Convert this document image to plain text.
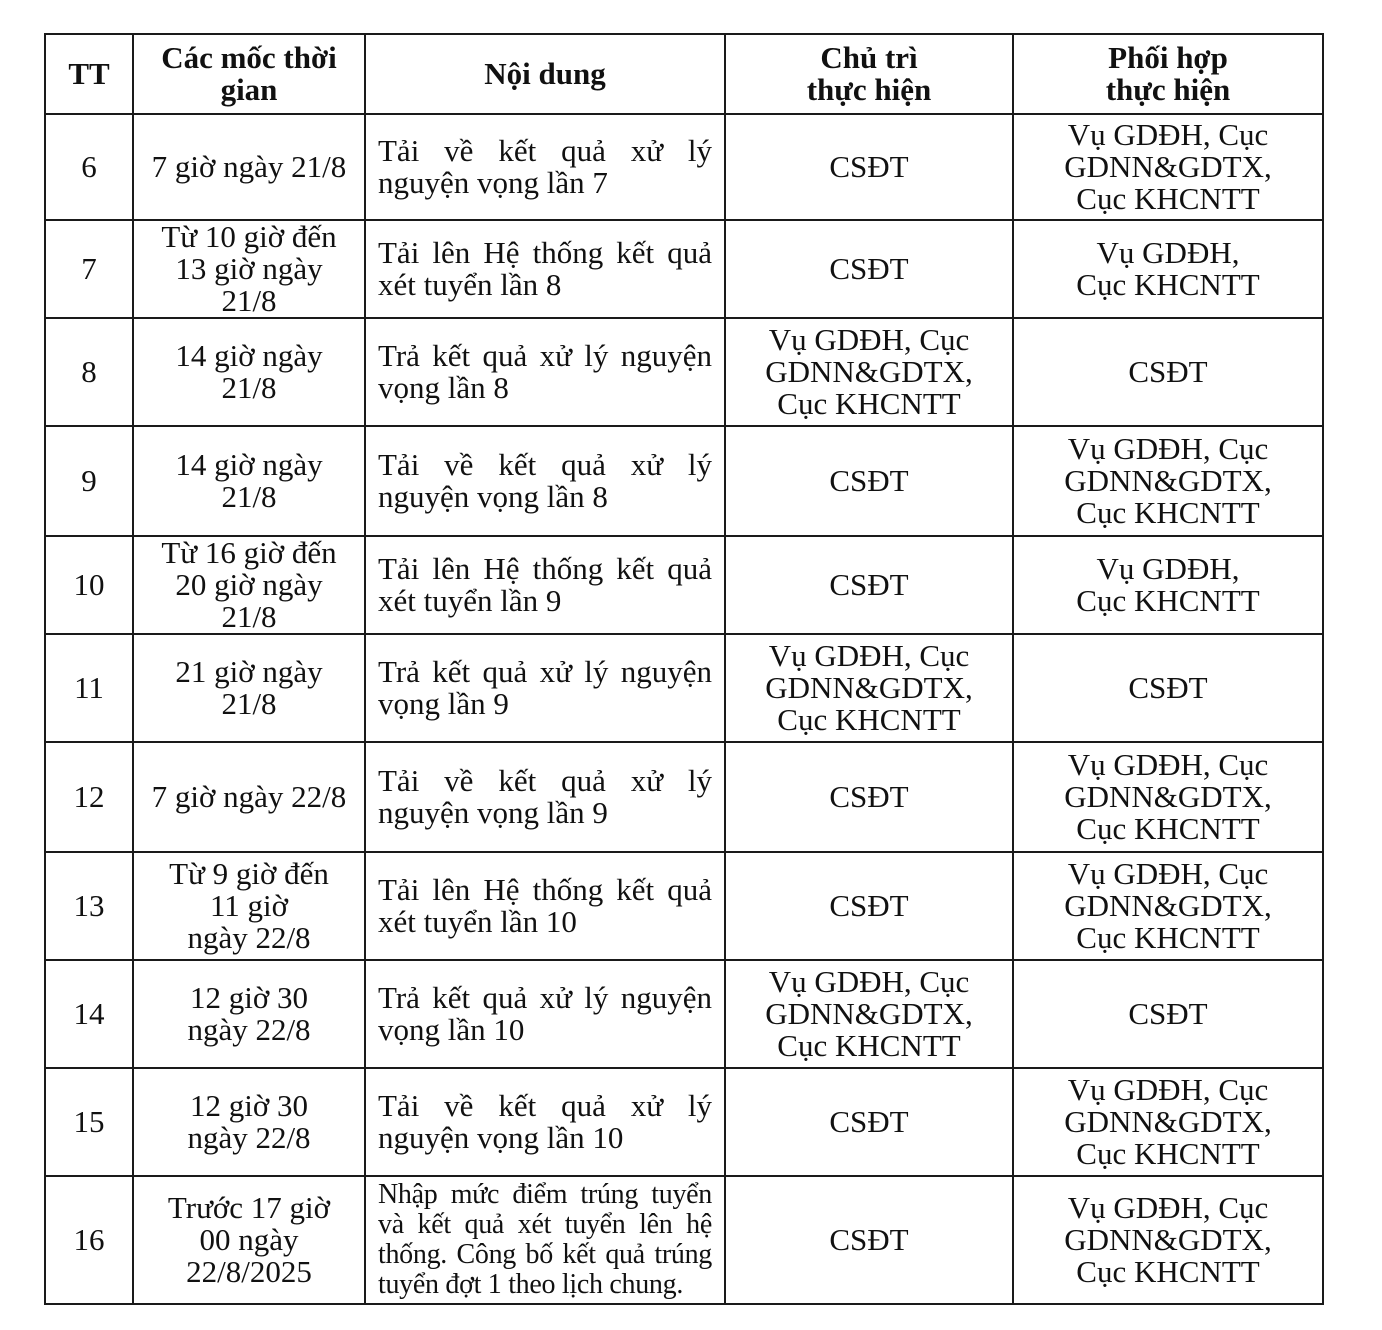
TT	Các mốc thời
gian	Nội dung	Chủ trì
thực hiện	Phối hợp
thực hiện

6	7 giờ ngày 21/8	Tải về kết quả xử lý nguyện vọng lần 7	CSĐT	Vụ GDĐH, Cục
GDNN&GDTX,
Cục KHCNTT

7	Từ 10 giờ đến
13 giờ ngày
21/8	Tải lên Hệ thống kết quả xét tuyển lần 8	CSĐT	Vụ GDĐH,
Cục KHCNTT

8	14 giờ ngày
21/8	Trả kết quả xử lý nguyện vọng lần 8	Vụ GDĐH, Cục
GDNN&GDTX,
Cục KHCNTT	CSĐT

9	14 giờ ngày
21/8	Tải về kết quả xử lý nguyện vọng lần 8	CSĐT	Vụ GDĐH, Cục
GDNN&GDTX,
Cục KHCNTT

10	Từ 16 giờ đến
20 giờ ngày
21/8	Tải lên Hệ thống kết quả xét tuyển lần 9	CSĐT	Vụ GDĐH,
Cục KHCNTT

11	21 giờ ngày
21/8	Trả kết quả xử lý nguyện vọng lần 9	Vụ GDĐH, Cục
GDNN&GDTX,
Cục KHCNTT	CSĐT

12	7 giờ ngày 22/8	Tải về kết quả xử lý nguyện vọng lần 9	CSĐT	Vụ GDĐH, Cục
GDNN&GDTX,
Cục KHCNTT

13	Từ 9 giờ đến
11 giờ
ngày 22/8	Tải lên Hệ thống kết quả xét tuyển lần 10	CSĐT	Vụ GDĐH, Cục
GDNN&GDTX,
Cục KHCNTT

14	12 giờ 30
ngày 22/8	Trả kết quả xử lý nguyện vọng lần 10	Vụ GDĐH, Cục
GDNN&GDTX,
Cục KHCNTT	CSĐT

15	12 giờ 30
ngày 22/8	Tải về kết quả xử lý nguyện vọng lần 10	CSĐT	Vụ GDĐH, Cục
GDNN&GDTX,
Cục KHCNTT

16	Trước 17 giờ
00 ngày
22/8/2025	Nhập mức điểm trúng tuyển và kết quả xét tuyển lên hệ thống. Công bố kết quả trúng tuyển đợt 1 theo lịch chung.	CSĐT	Vụ GDĐH, Cục
GDNN&GDTX,
Cục KHCNTT
